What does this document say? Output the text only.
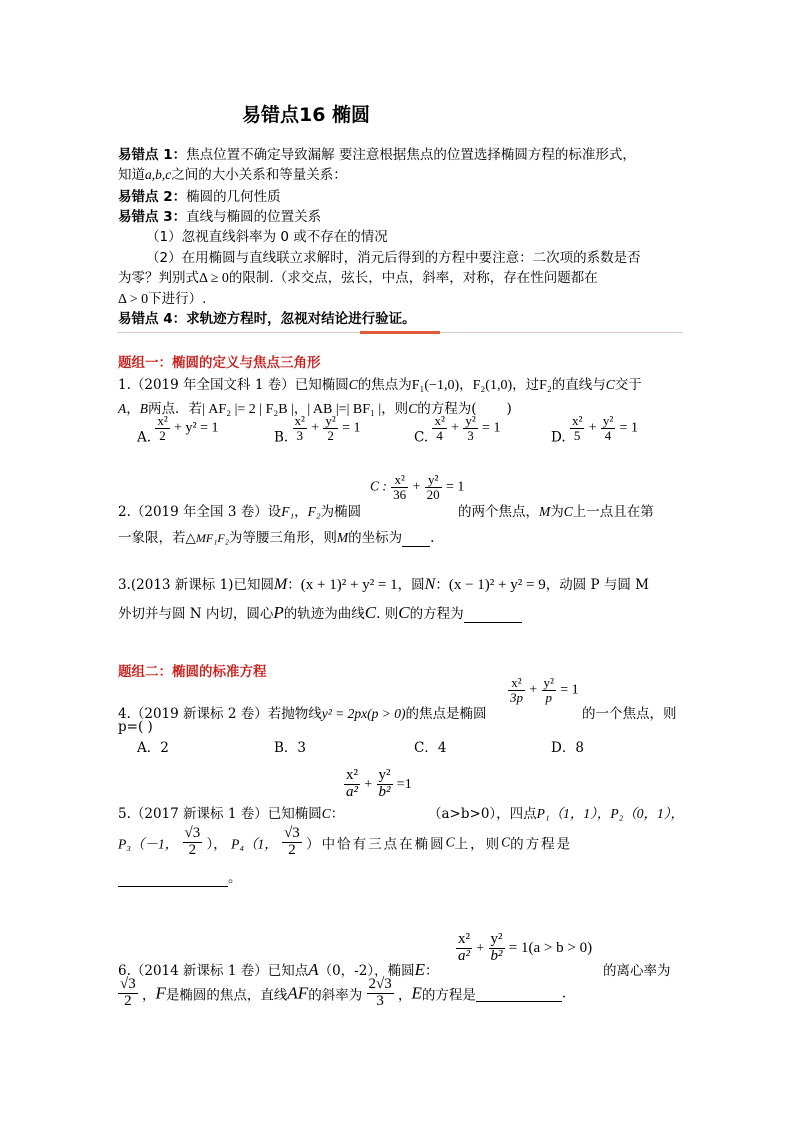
易错点16 椭圆
易错点 1：焦点位置不确定导致漏解 要注意根据焦点的位置选择椭圆方程的标准形式，
知道a,b,c之间的大小关系和等量关系：
易错点 2：椭圆的几何性质
易错点 3：直线与椭圆的位置关系
（1）忽视直线斜率为 0 或不存在的情况
（2）在用椭圆与直线联立求解时，消元后得到的方程中要注意：二次项的系数是否
为零？判别式Δ ≥ 0的限制.（求交点，弦长，中点，斜率，对称，存在性问题都在
Δ > 0下进行）.
易错点 4：求轨迹方程时，忽视对结论进行验证。
题组一：椭圆的定义与焦点三角形
1.（2019 年全国文科 1 卷）已知椭圆C的焦点为F₁(−1,0)，F₂(1,0)，过F₂的直线与C交于
A，B两点．若| AF₂ |= 2 | F₂B |，| AB |=| BF₁ |，则C的方程为( )
A. $\frac{\text{x²}}{2} + y^2 = 1$
B. $\frac{\text{x²}}{3} + \frac{\text{y²}}{2} = 1$
C. $\frac{\text{x²}}{4} + \frac{\text{y²}}{3} = 1$
D. $\frac{\text{x²}}{5} + \frac{\text{y²}}{4} = 1$
C : $\frac{\text{x²}}{36} + \frac{\text{y²}}{20} = 1$
2.（2019 年全国 3 卷）设F₁，F₂为椭圆	的两个焦点，M为C上一点且在第
一象限，若△MF₁F₂为等腰三角形，则M的坐标为 .
3.(2013 新课标 1)已知圆M：(x + 1)² + y² = 1，圆N：(x − 1)² + y² = 9，动圆 P 与圆 M
外切并与圆 N 内切，圆心P的轨迹为曲线C. 则C的方程为
题组二：椭圆的标准方程
$\frac{\text{x²}}{3p} + \frac{\text{y²}}{p} = 1$
4.（2019 新课标 2 卷）若抛物线y² = 2px(p > 0)的焦点是椭圆	的一个焦点，则
p=( )
A．2	B．3	C．4	D．8
$\frac{\text{x²}}{\text{a²}} + \frac{\text{y²}}{\text{b²}} =1$
5.（2017 新课标 1 卷）已知椭圆C：	（a>b>0），四点P₁（1，1），P₂（0，1），
P₃（－1， $\frac{√3}{2}$ ）， P₄（1， $\frac{√3}{2}$ ）中恰有三点在椭圆C上，则C的方程是
。
$\frac{\text{x²}}{\text{a²}} + \frac{\text{y²}}{\text{b²}} = 1(a > b > 0)$
6.（2014 新课标 1 卷）已知点A（0，-2），椭圆E：	的离心率为
$\frac{√3}{2}$ ，F是椭圆的焦点，直线AF的斜率为 $\frac{2√3}{3}$ ，E的方程是	.
